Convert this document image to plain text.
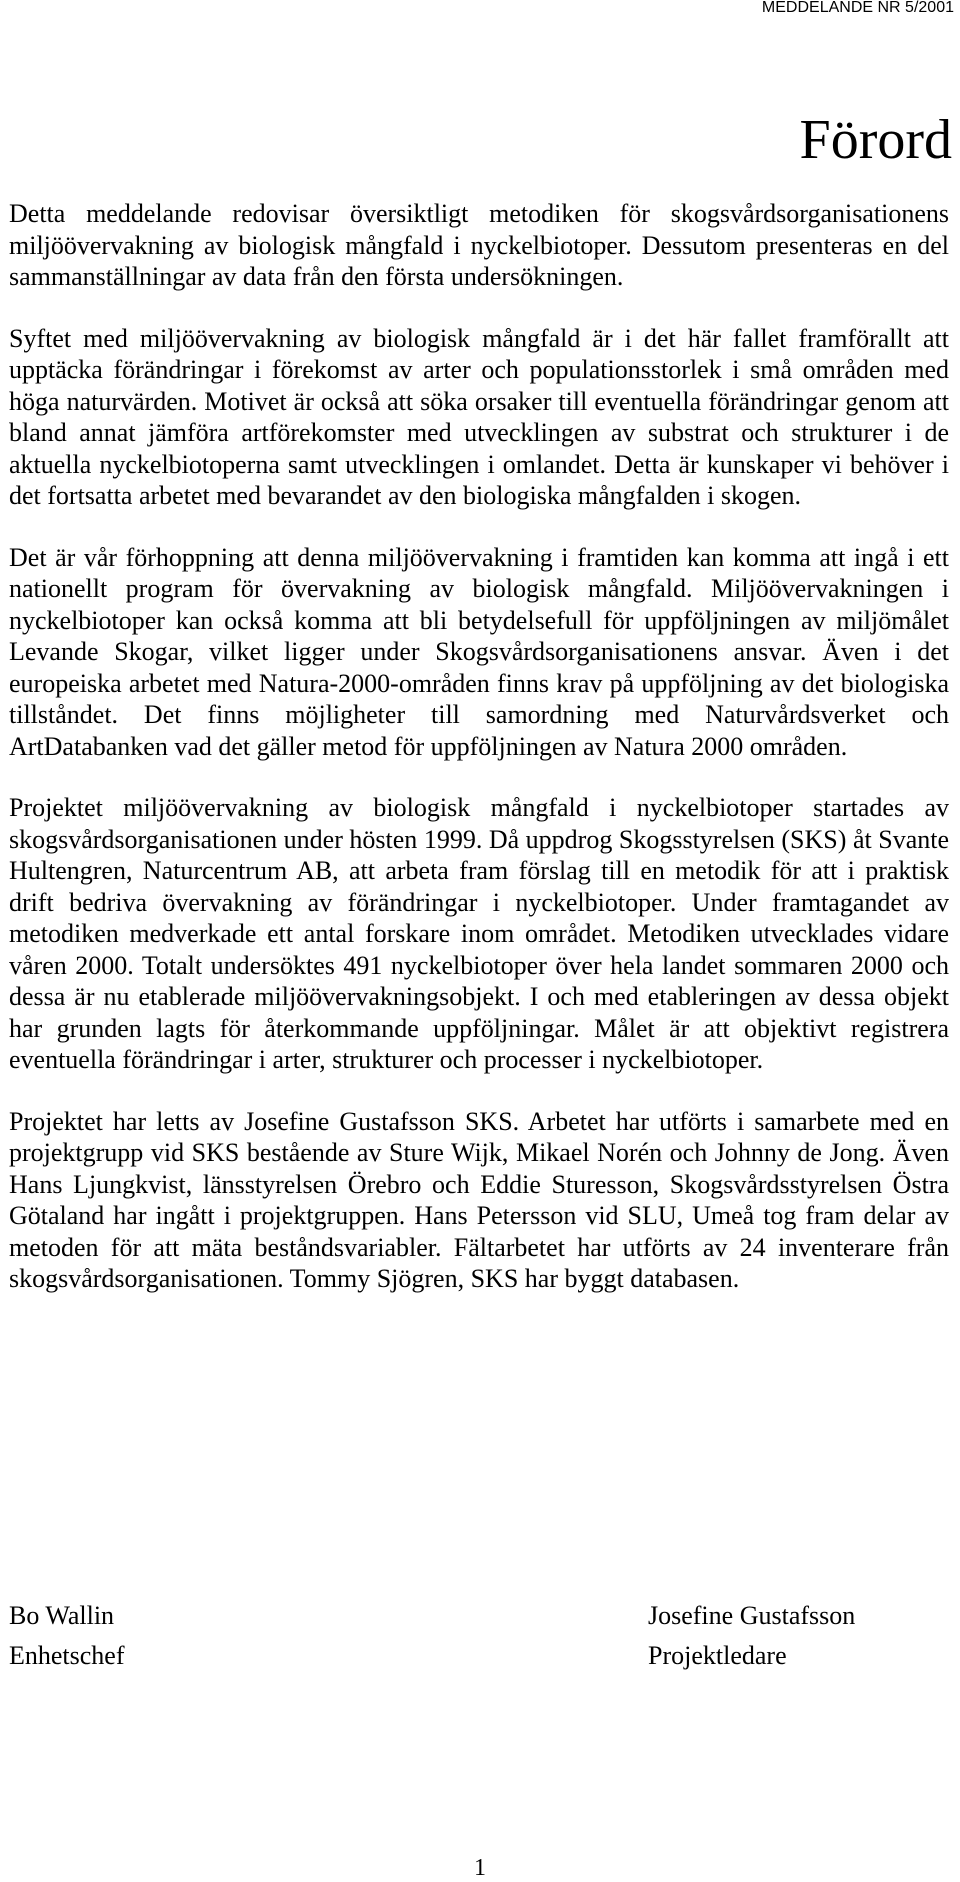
MEDDELANDE NR 5/2001
Förord

Detta meddelande redovisar översiktligt metodiken för skogsvårdsorganisationens miljöövervakning av biologisk mångfald i nyckelbiotoper. Dessutom presenteras en del sammanställningar av data från den första undersökningen.

Syftet med miljöövervakning av biologisk mångfald är i det här fallet framförallt att upptäcka förändringar i förekomst av arter och populationsstorlek i små områden med höga naturvärden. Motivet är också att söka orsaker till eventuella förändringar genom att bland annat jämföra artförekomster med utvecklingen av substrat och strukturer i de aktuella nyckelbiotoperna samt utvecklingen i omlandet. Detta är kunskaper vi behöver i det fortsatta arbetet med bevarandet av den biologiska mångfalden i skogen.

Det är vår förhoppning att denna miljöövervakning i framtiden kan komma att ingå i ett nationellt program för övervakning av biologisk mångfald. Miljöövervakningen i nyckelbiotoper kan också komma att bli betydelsefull för uppföljningen av miljömålet Levande Skogar, vilket ligger under Skogsvårdsorganisationens ansvar. Även i det europeiska arbetet med Natura-2000-områden finns krav på uppföljning av det biologiska tillståndet. Det finns möjligheter till samordning med Naturvårdsverket och ArtDatabanken vad det gäller metod för uppföljningen av Natura 2000 områden.

Projektet miljöövervakning av biologisk mångfald i nyckelbiotoper startades av skogsvårdsorganisationen under hösten 1999. Då uppdrog Skogsstyrelsen (SKS) åt Svante Hultengren, Naturcentrum AB, att arbeta fram förslag till en metodik för att i praktisk drift bedriva övervakning av förändringar i nyckelbiotoper. Under framtagandet av metodiken medverkade ett antal forskare inom området. Metodiken utvecklades vidare våren 2000. Totalt undersöktes 491 nyckelbiotoper över hela landet sommaren 2000 och dessa är nu etablerade miljöövervakningsobjekt. I och med etableringen av dessa objekt har grunden lagts för återkommande uppföljningar. Målet är att objektivt registrera eventuella förändringar i arter, strukturer och processer i nyckelbiotoper.

Projektet har letts av Josefine Gustafsson SKS. Arbetet har utförts i samarbete med en projektgrupp vid SKS bestående av Sture Wijk, Mikael Norén och Johnny de Jong. Även Hans Ljungkvist, länsstyrelsen Örebro och Eddie Sturesson, Skogsvårdsstyrelsen Östra Götaland har ingått i projektgruppen. Hans Petersson vid SLU, Umeå tog fram delar av metoden för att mäta beståndsvariabler. Fältarbetet har utförts av 24 inventerare från skogsvårdsorganisationen. Tommy Sjögren, SKS har byggt databasen.

Bo Wallin
Enhetschef
Josefine Gustafsson
Projektledare
1
